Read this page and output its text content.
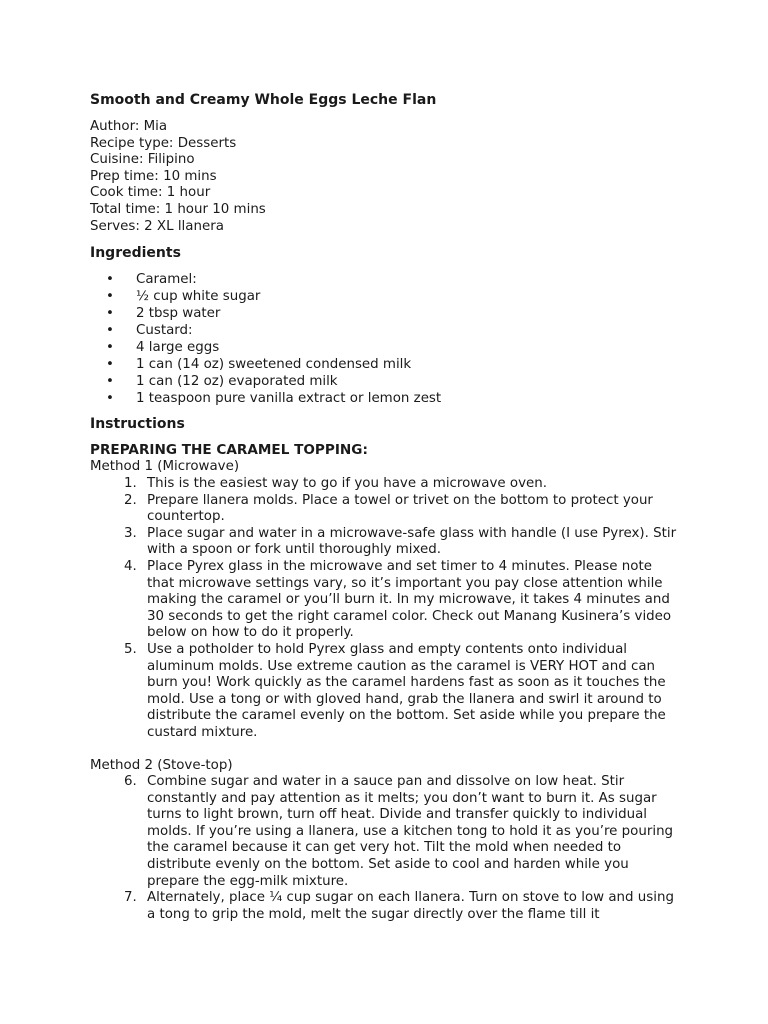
Smooth and Creamy Whole Eggs Leche Flan
Author: Mia
Recipe type: Desserts
Cuisine: Filipino
Prep time: 10 mins
Cook time: 1 hour
Total time: 1 hour 10 mins
Serves: 2 XL llanera
Ingredients
• Caramel:
• ½ cup white sugar
• 2 tbsp water
• Custard:
• 4 large eggs
• 1 can (14 oz) sweetened condensed milk
• 1 can (12 oz) evaporated milk
• 1 teaspoon pure vanilla extract or lemon zest
Instructions
PREPARING THE CARAMEL TOPPING:
Method 1 (Microwave)
1. This is the easiest way to go if you have a microwave oven.
2. Prepare llanera molds. Place a towel or trivet on the bottom to protect your countertop.
3. Place sugar and water in a microwave-safe glass with handle (I use Pyrex). Stir with a spoon or fork until thoroughly mixed.
4. Place Pyrex glass in the microwave and set timer to 4 minutes. Please note that microwave settings vary, so it’s important you pay close attention while making the caramel or you’ll burn it. In my microwave, it takes 4 minutes and 30 seconds to get the right caramel color. Check out Manang Kusinera’s video below on how to do it properly.
5. Use a potholder to hold Pyrex glass and empty contents onto individual aluminum molds. Use extreme caution as the caramel is VERY HOT and can burn you! Work quickly as the caramel hardens fast as soon as it touches the mold. Use a tong or with gloved hand, grab the llanera and swirl it around to distribute the caramel evenly on the bottom. Set aside while you prepare the custard mixture.
Method 2 (Stove-top)
6. Combine sugar and water in a sauce pan and dissolve on low heat. Stir constantly and pay attention as it melts; you don’t want to burn it. As sugar turns to light brown, turn off heat. Divide and transfer quickly to individual molds. If you’re using a llanera, use a kitchen tong to hold it as you’re pouring the caramel because it can get very hot. Tilt the mold when needed to distribute evenly on the bottom. Set aside to cool and harden while you prepare the egg-milk mixture.
7. Alternately, place ¼ cup sugar on each llanera. Turn on stove to low and using a tong to grip the mold, melt the sugar directly over the flame till it
